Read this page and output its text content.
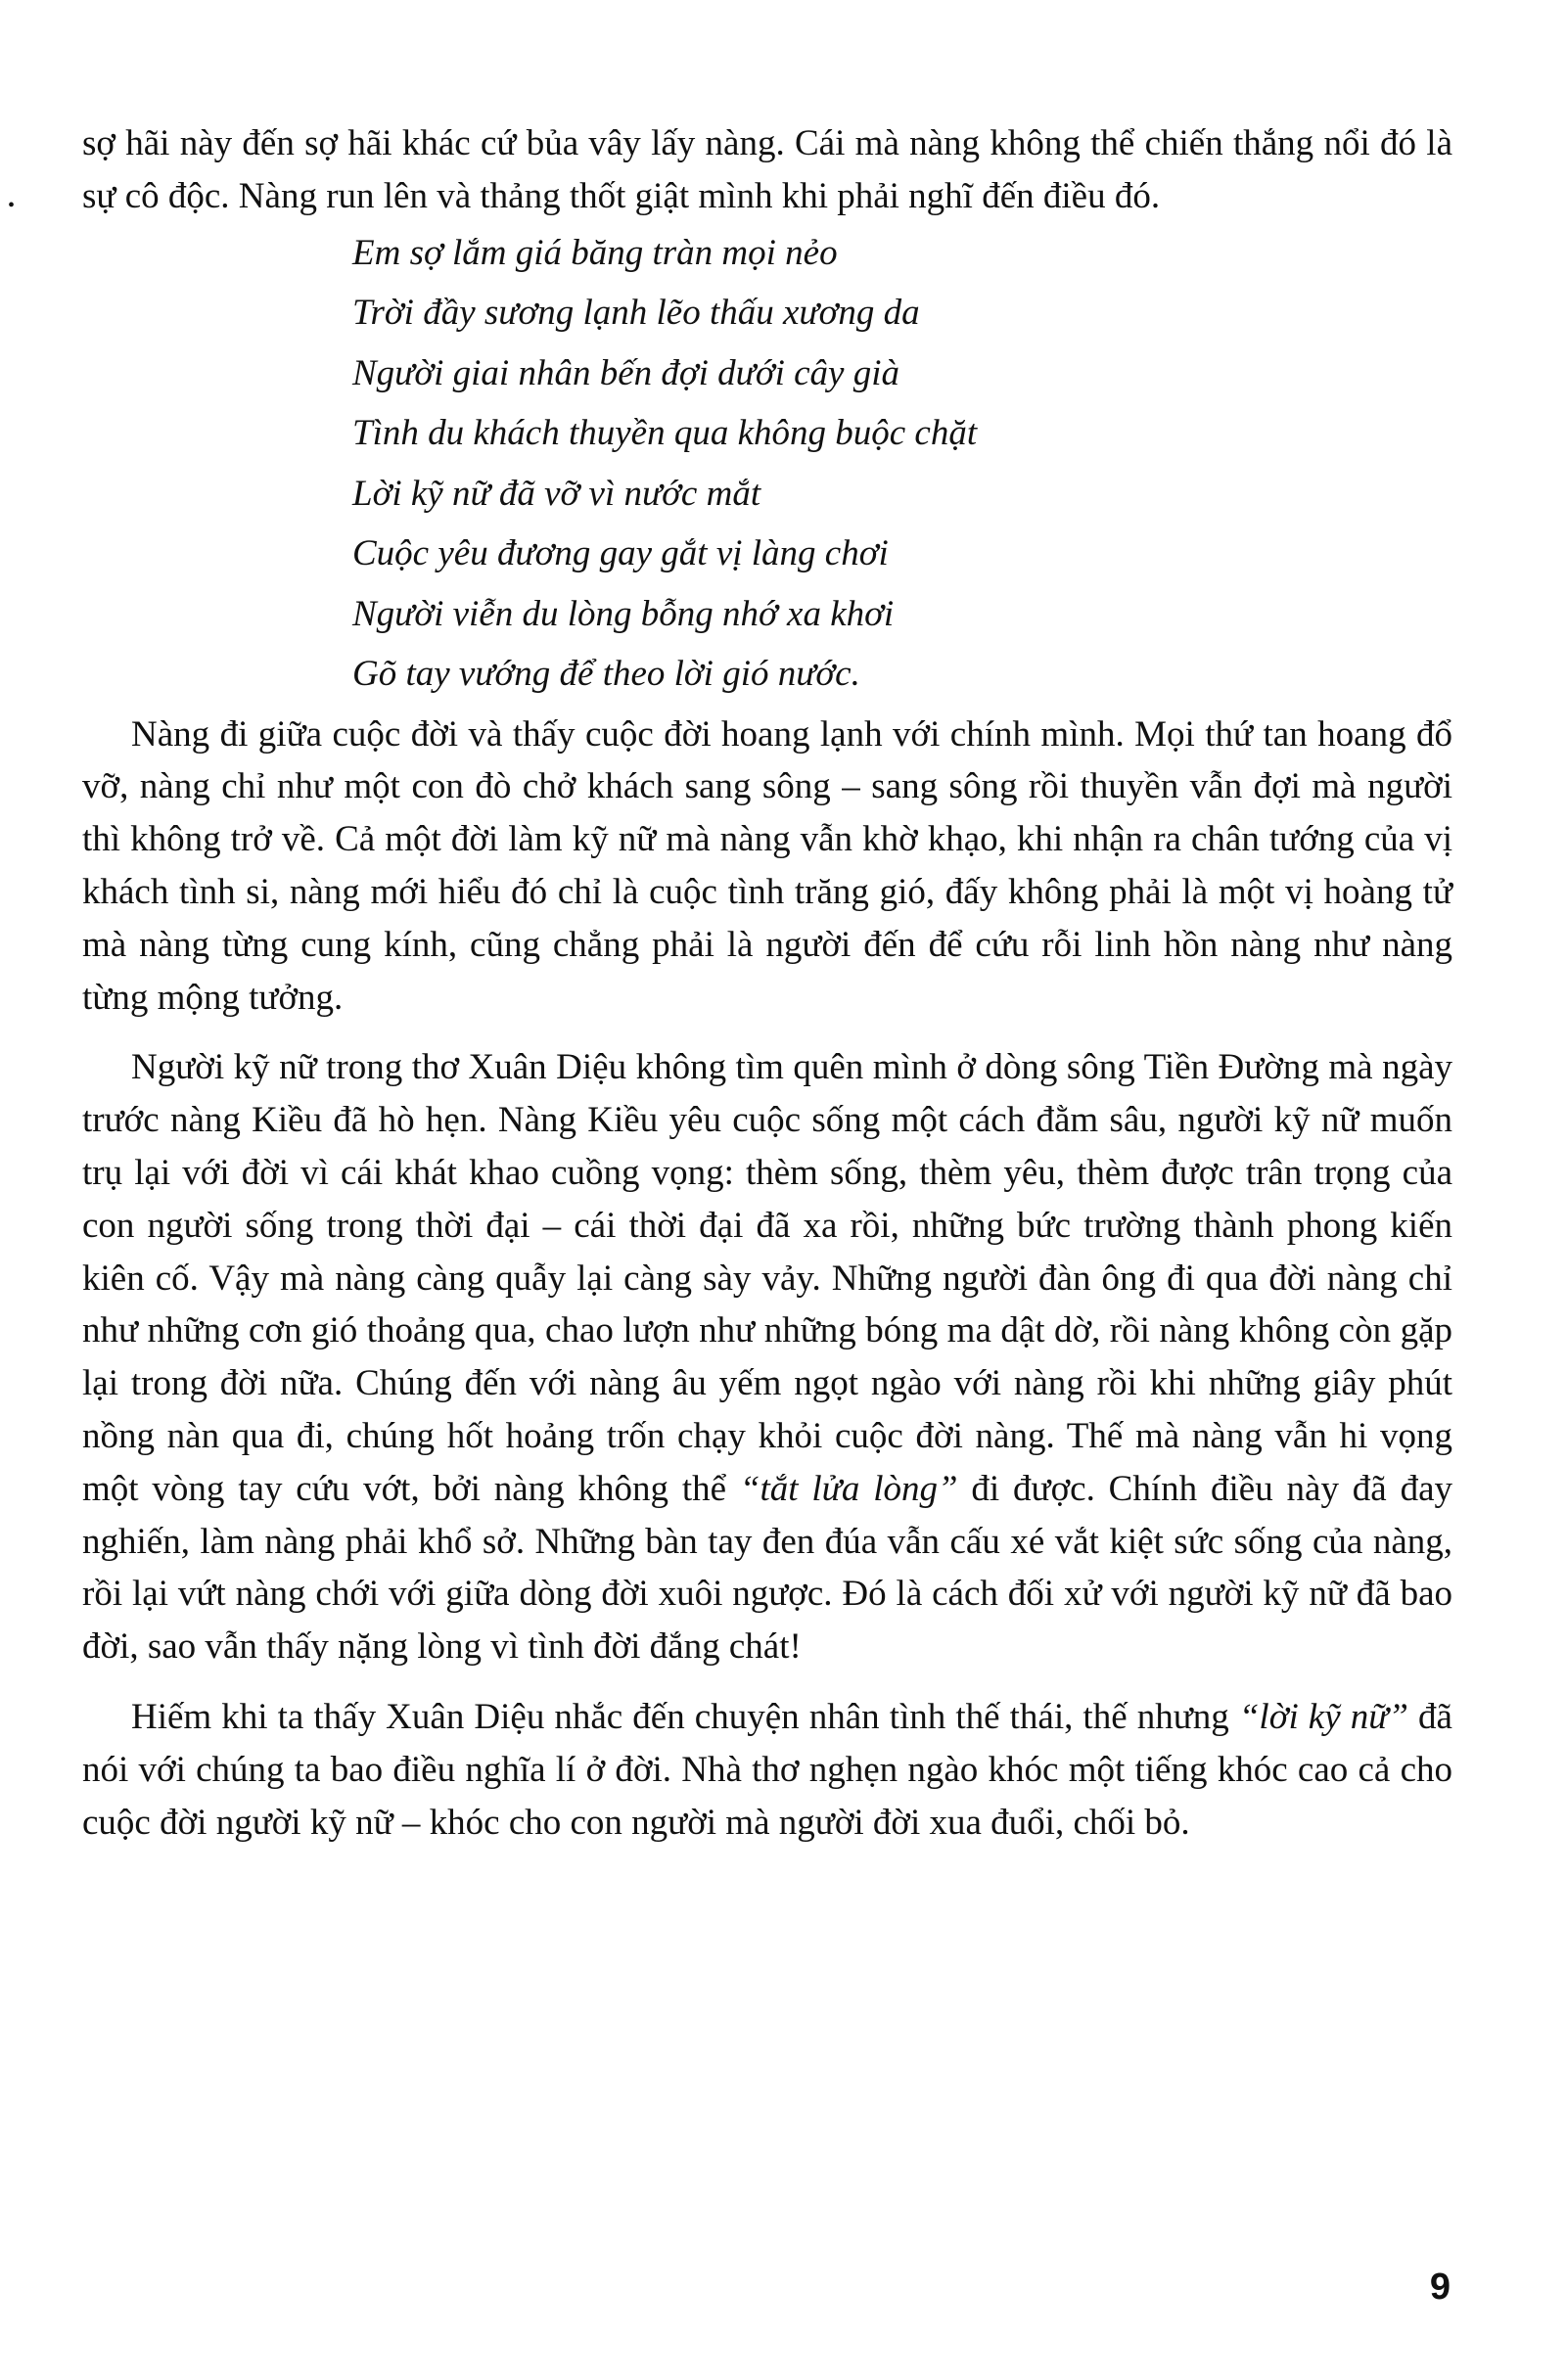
•

sợ hãi này đến sợ hãi khác cứ bủa vây lấy nàng. Cái mà nàng không thể chiến thắng nổi đó là sự cô độc. Nàng run lên và thảng thốt giật mình khi phải nghĩ đến điều đó.

Em sợ lắm giá băng tràn mọi nẻo
Trời đầy sương lạnh lẽo thấu xương da
Người giai nhân bến đợi dưới cây già
Tình du khách thuyền qua không buộc chặt
Lời kỹ nữ đã vỡ vì nước mắt
Cuộc yêu đương gay gắt vị làng chơi
Người viễn du lòng bỗng nhớ xa khơi
Gõ tay vướng để theo lời gió nước.

Nàng đi giữa cuộc đời và thấy cuộc đời hoang lạnh với chính mình. Mọi thứ tan hoang đổ vỡ, nàng chỉ như một con đò chở khách sang sông – sang sông rồi thuyền vẫn đợi mà người thì không trở về. Cả một đời làm kỹ nữ mà nàng vẫn khờ khạo, khi nhận ra chân tướng của vị khách tình si, nàng mới hiểu đó chỉ là cuộc tình trăng gió, đấy không phải là một vị hoàng tử mà nàng từng cung kính, cũng chẳng phải là người đến để cứu rỗi linh hồn nàng như nàng từng mộng tưởng.

Người kỹ nữ trong thơ Xuân Diệu không tìm quên mình ở dòng sông Tiền Đường mà ngày trước nàng Kiều đã hò hẹn. Nàng Kiều yêu cuộc sống một cách đằm sâu, người kỹ nữ muốn trụ lại với đời vì cái khát khao cuồng vọng: thèm sống, thèm yêu, thèm được trân trọng của con người sống trong thời đại – cái thời đại đã xa rồi, những bức trường thành phong kiến kiên cố. Vậy mà nàng càng quẫy lại càng sày vảy. Những người đàn ông đi qua đời nàng chỉ như những cơn gió thoảng qua, chao lượn như những bóng ma dật dờ, rồi nàng không còn gặp lại trong đời nữa. Chúng đến với nàng âu yếm ngọt ngào với nàng rồi khi những giây phút nồng nàn qua đi, chúng hốt hoảng trốn chạy khỏi cuộc đời nàng. Thế mà nàng vẫn hi vọng một vòng tay cứu vớt, bởi nàng không thể “tắt lửa lòng” đi được. Chính điều này đã đay nghiến, làm nàng phải khổ sở. Những bàn tay đen đúa vẫn cấu xé vắt kiệt sức sống của nàng, rồi lại vứt nàng chới với giữa dòng đời xuôi ngược. Đó là cách đối xử với người kỹ nữ đã bao đời, sao vẫn thấy nặng lòng vì tình đời đắng chát!

Hiếm khi ta thấy Xuân Diệu nhắc đến chuyện nhân tình thế thái, thế nhưng “lời kỹ nữ” đã nói với chúng ta bao điều nghĩa lí ở đời. Nhà thơ nghẹn ngào khóc một tiếng khóc cao cả cho cuộc đời người kỹ nữ – khóc cho con người mà người đời xua đuổi, chối bỏ.

9
